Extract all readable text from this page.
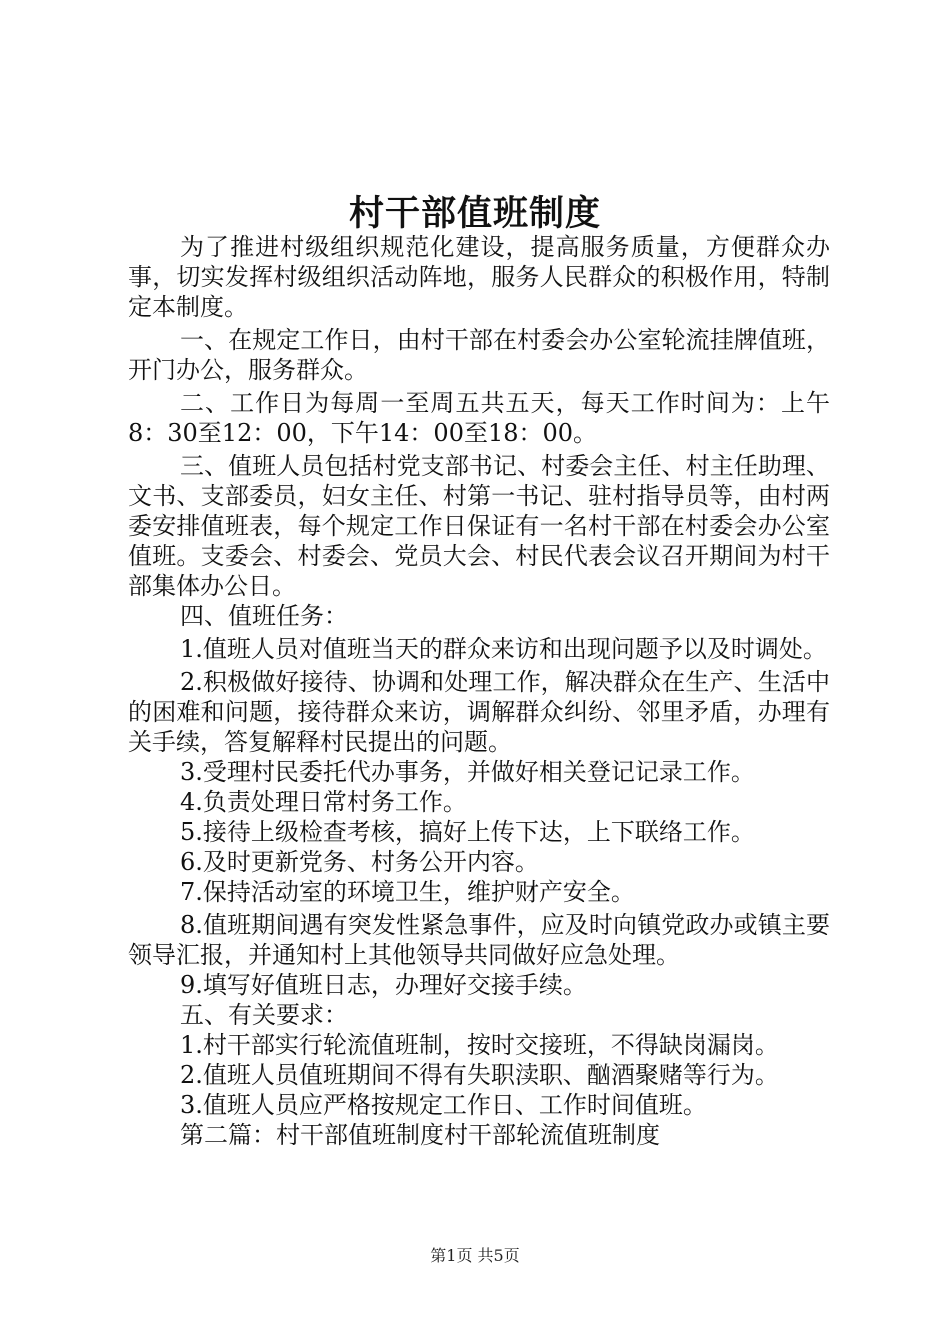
村干部值班制度

为了推进村级组织规范化建设，提高服务质量，方便群众办事，切实发挥村级组织活动阵地，服务人民群众的积极作用，特制定本制度。

一、在规定工作日，由村干部在村委会办公室轮流挂牌值班，开门办公，服务群众。

二、工作日为每周一至周五共五天，每天工作时间为：上午8：30至12：00，下午14：00至18：00。

三、值班人员包括村党支部书记、村委会主任、村主任助理、文书、支部委员，妇女主任、村第一书记、驻村指导员等，由村两委安排值班表，每个规定工作日保证有一名村干部在村委会办公室值班。支委会、村委会、党员大会、村民代表会议召开期间为村干部集体办公日。

四、值班任务：

1.值班人员对值班当天的群众来访和出现问题予以及时调处。

2.积极做好接待、协调和处理工作，解决群众在生产、生活中的困难和问题，接待群众来访，调解群众纠纷、邻里矛盾，办理有关手续，答复解释村民提出的问题。

3.受理村民委托代办事务，并做好相关登记记录工作。

4.负责处理日常村务工作。

5.接待上级检查考核，搞好上传下达，上下联络工作。

6.及时更新党务、村务公开内容。

7.保持活动室的环境卫生，维护财产安全。

8.值班期间遇有突发性紧急事件，应及时向镇党政办或镇主要领导汇报，并通知村上其他领导共同做好应急处理。

9.填写好值班日志，办理好交接手续。

五、有关要求：

1.村干部实行轮流值班制，按时交接班，不得缺岗漏岗。

2.值班人员值班期间不得有失职渎职、酗酒聚赌等行为。

3.值班人员应严格按规定工作日、工作时间值班。

第二篇：村干部值班制度村干部轮流值班制度

第1页 共5页
